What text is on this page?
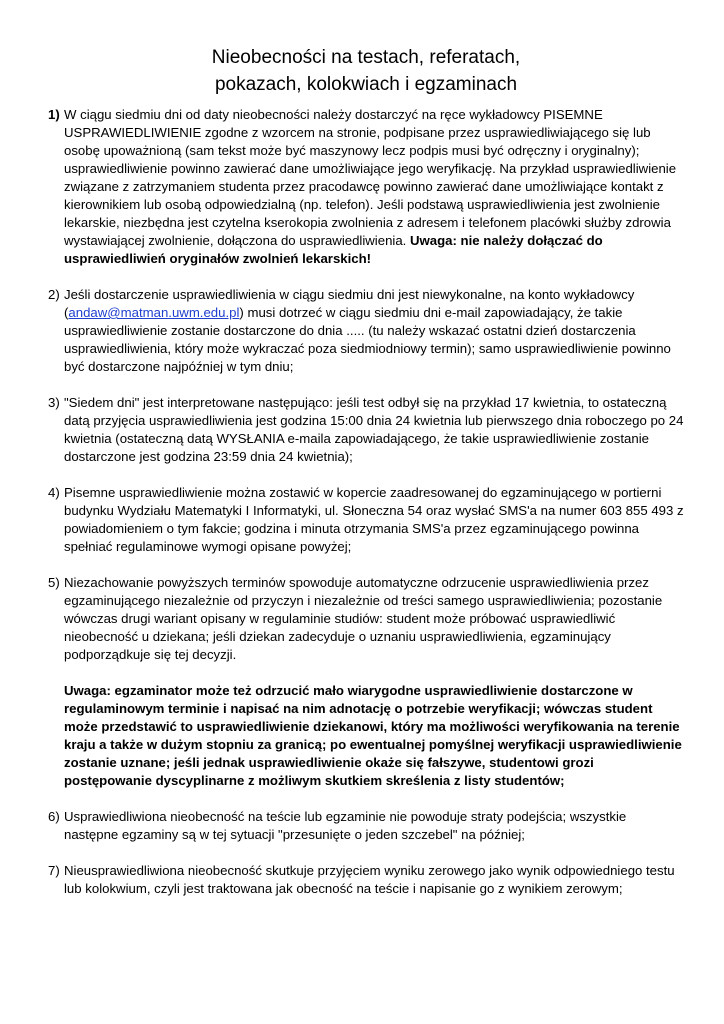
Nieobecności na testach, referatach,
pokazach, kolokwiach i egzaminach
1) W ciągu siedmiu dni od daty nieobecności należy dostarczyć na ręce wykładowcy PISEMNE USPRAWIEDLIWIENIE zgodne z wzorcem na stronie, podpisane przez usprawiedliwiającego się lub osobę upoważnioną (sam tekst może być maszynowy lecz podpis musi być odręczny i oryginalny); usprawiedliwienie powinno zawierać dane umożliwiające jego weryfikację. Na przykład usprawiedliwienie związane z zatrzymaniem studenta przez pracodawcę powinno zawierać dane umożliwiające kontakt z kierownikiem lub osobą odpowiedzialną (np. telefon). Jeśli podstawą usprawiedliwienia jest zwolnienie lekarskie, niezbędna jest czytelna kserokopia zwolnienia z adresem i telefonem placówki służby zdrowia wystawiającej zwolnienie, dołączona do usprawiedliwienia. Uwaga: nie należy dołączać do usprawiedliwień oryginałów zwolnień lekarskich!
2) Jeśli dostarczenie usprawiedliwienia w ciągu siedmiu dni jest niewykonalne, na konto wykładowcy (andaw@matman.uwm.edu.pl) musi dotrzeć w ciągu siedmiu dni e-mail zapowiadający, że takie usprawiedliwienie zostanie dostarczone do dnia ..... (tu należy wskazać ostatni dzień dostarczenia usprawiedliwienia, który może wykraczać poza siedmiodniowy termin); samo usprawiedliwienie powinno być dostarczone najpóźniej w tym dniu;
3) "Siedem dni" jest interpretowane następująco: jeśli test odbył się na przykład 17 kwietnia, to ostateczną datą przyjęcia usprawiedliwienia jest godzina 15:00 dnia 24 kwietnia lub pierwszego dnia roboczego po 24 kwietnia (ostateczną datą WYSŁANIA e-maila zapowiadającego, że takie usprawiedliwienie zostanie dostarczone jest godzina 23:59 dnia 24 kwietnia);
4) Pisemne usprawiedliwienie można zostawić w kopercie zaadresowanej do egzaminującego w portierni budynku Wydziału Matematyki I Informatyki, ul. Słoneczna 54 oraz wysłać SMS'a na numer 603 855 493 z powiadomieniem o tym fakcie; godzina i minuta otrzymania SMS'a przez egzaminującego powinna spełniać regulaminowe wymogi opisane powyżej;
5) Niezachowanie powyższych terminów spowoduje automatyczne odrzucenie usprawiedliwienia przez egzaminującego niezależnie od przyczyn i niezależnie od treści samego usprawiedliwienia; pozostanie wówczas drugi wariant opisany w regulaminie studiów: student może próbować usprawiedliwić nieobecność u dziekana; jeśli dziekan zadecyduje o uznaniu usprawiedliwienia, egzaminujący podporządkuje się tej decyzji.
Uwaga: egzaminator może też odrzucić mało wiarygodne usprawiedliwienie dostarczone w regulaminowym terminie i napisać na nim adnotację o potrzebie weryfikacji; wówczas student może przedstawić to usprawiedliwienie dziekanowi, który ma możliwości weryfikowania na terenie kraju a także w dużym stopniu za granicą; po ewentualnej pomyślnej weryfikacji usprawiedliwienie zostanie uznane; jeśli jednak usprawiedliwienie okaże się fałszywe, studentowi grozi postępowanie dyscyplinarne z możliwym skutkiem skreślenia z listy studentów;
6) Usprawiedliwiona nieobecność na teście lub egzaminie nie powoduje straty podejścia; wszystkie następne egzaminy są w tej sytuacji "przesunięte o jeden szczebel" na później;
7) Nieusprawiedliwiona nieobecność skutkuje przyjęciem wyniku zerowego jako wynik odpowiedniego testu lub kolokwium, czyli jest traktowana jak obecność na teście i napisanie go z wynikiem zerowym;
